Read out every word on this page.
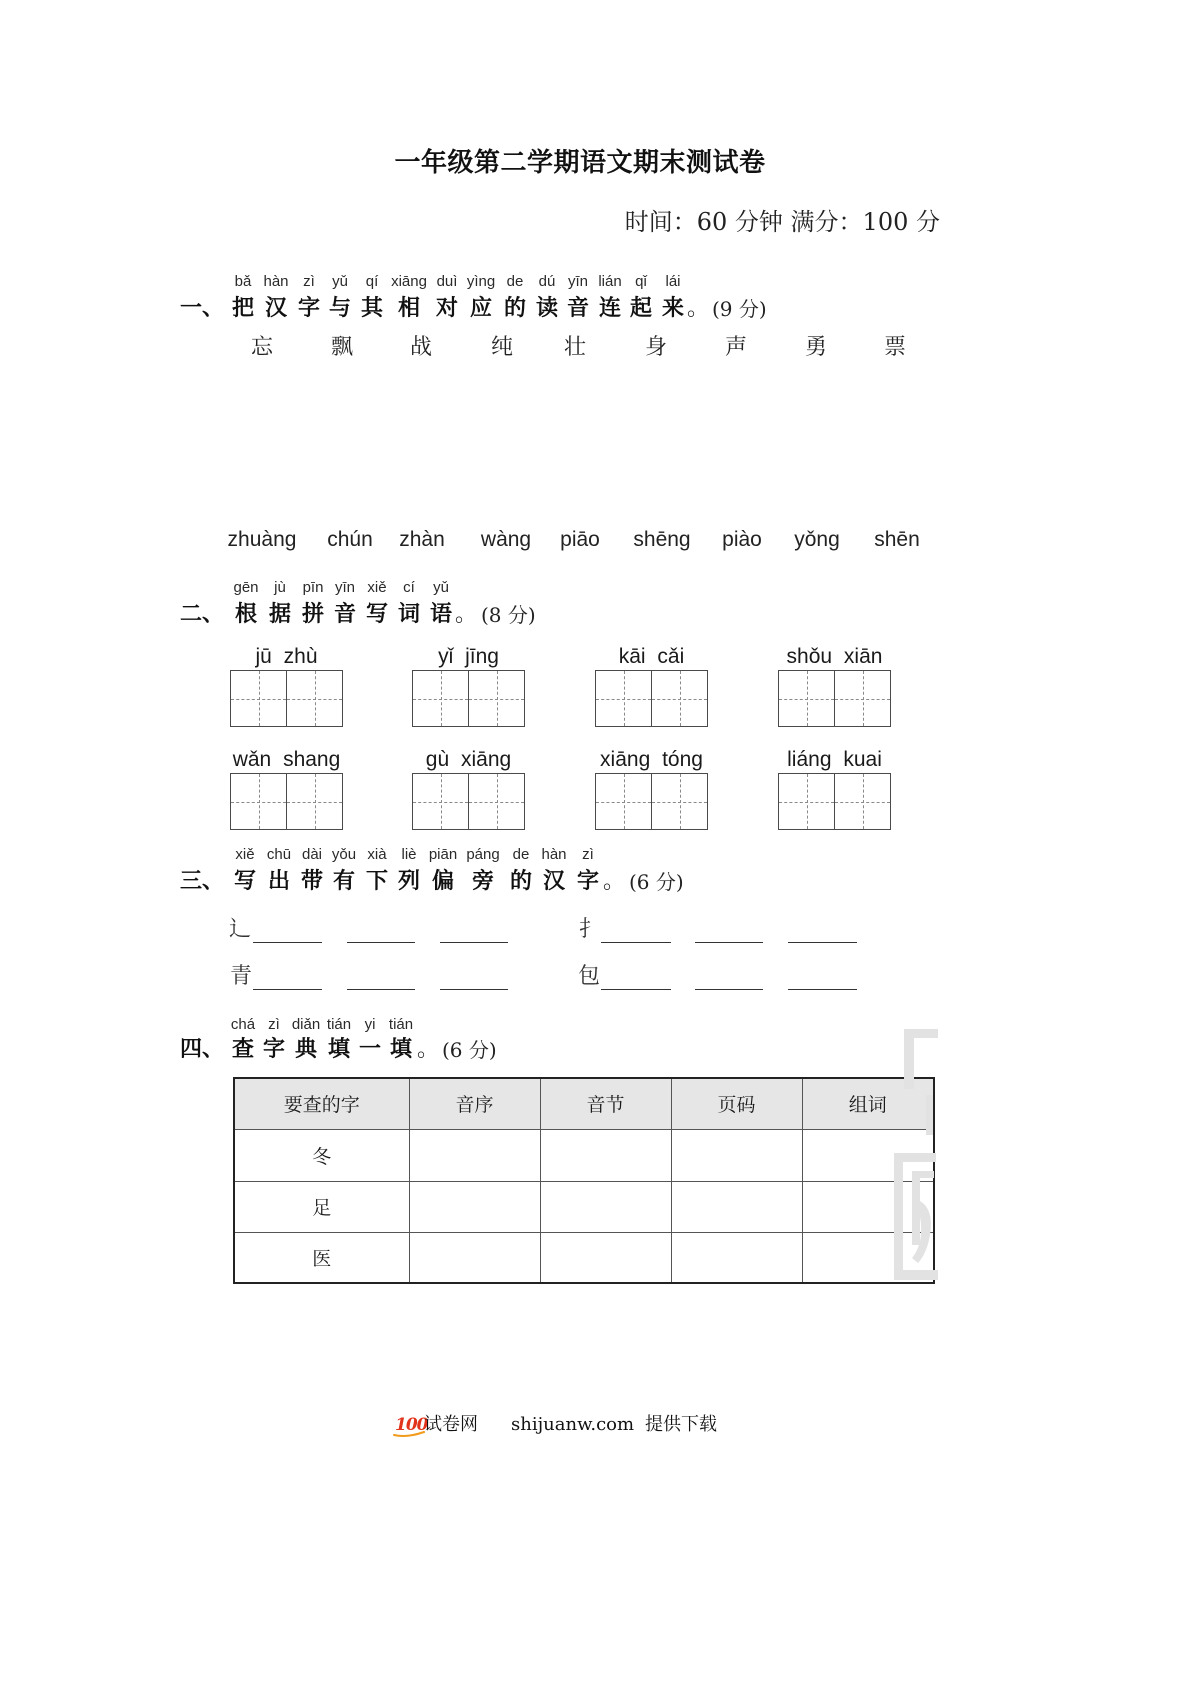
一年级第二学期语文期末测试卷
时间：60 分钟 满分：100 分
bǎ hàn zì yǔ qí xiāng duì yìng de dú yīn lián qǐ lái
一、 把 汉 字 与 其 相 对 应 的 读 音 连 起 来 。 (9 分)
忘	飘	战	纯 壮	身	声	勇	票
zhuàng chún zhàn wàng piāo shēng piào yǒng shēn
gēn jù pīn yīn xiě cí yǔ
二、 根 据 拼 音 写 词 语 。 (8 分)
jū zhù	yǐ jīng	kāi cǎi	shǒu xiān
wǎn shang	gù xiāng	xiāng tóng	liáng kuai
xiě chū dài yǒu xià liè piān páng de hàn zì
三、 写 出 带 有 下 列 偏 旁 的 汉 字 。 (6 分)
辶	扌
青	包
chá zì diǎn tián yi tián
四、 查 字 典 填 一 填 。 (6 分)
要查的字	音序	音节	页码	组词
冬				
足				
医				
100
试卷网 shijuanw.com 提供下载
